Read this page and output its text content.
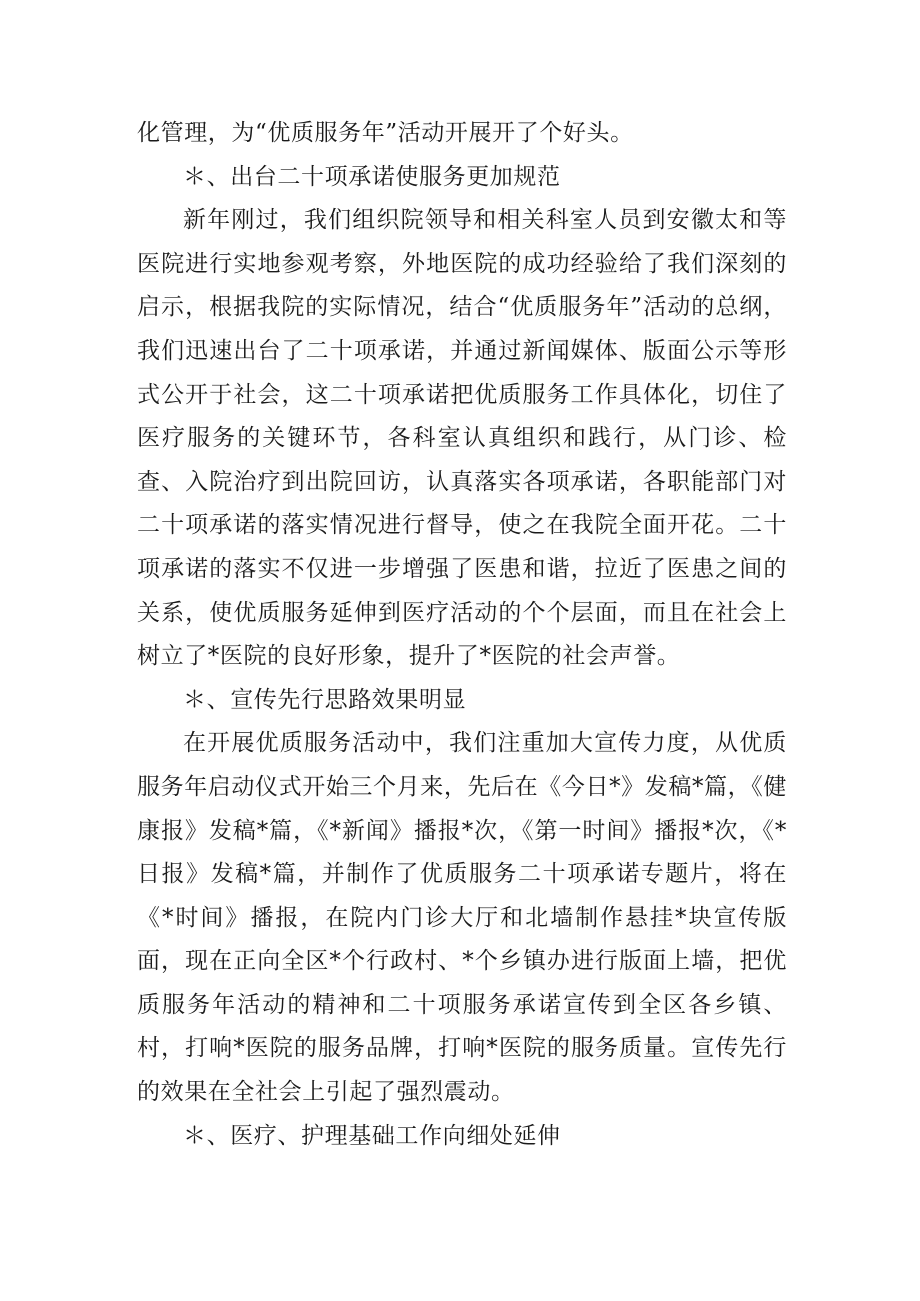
化管理，为“优质服务年”活动开展开了个好头。

＊、出台二十项承诺使服务更加规范

新年刚过，我们组织院领导和相关科室人员到安徽太和等医院进行实地参观考察，外地医院的成功经验给了我们深刻的启示，根据我院的实际情况，结合“优质服务年”活动的总纲，我们迅速出台了二十项承诺，并通过新闻媒体、版面公示等形式公开于社会，这二十项承诺把优质服务工作具体化，切住了医疗服务的关键环节，各科室认真组织和践行，从门诊、检查、入院治疗到出院回访，认真落实各项承诺，各职能部门对二十项承诺的落实情况进行督导，使之在我院全面开花。二十项承诺的落实不仅进一步增强了医患和谐，拉近了医患之间的关系，使优质服务延伸到医疗活动的个个层面，而且在社会上树立了*医院的良好形象，提升了*医院的社会声誉。

＊、宣传先行思路效果明显

在开展优质服务活动中，我们注重加大宣传力度，从优质服务年启动仪式开始三个月来，先后在《今日*》发稿*篇，《健康报》发稿*篇，《*新闻》播报*次，《第一时间》播报*次，《*日报》发稿*篇，并制作了优质服务二十项承诺专题片，将在《*时间》播报，在院内门诊大厅和北墙制作悬挂*块宣传版面，现在正向全区*个行政村、*个乡镇办进行版面上墙，把优质服务年活动的精神和二十项服务承诺宣传到全区各乡镇、村，打响*医院的服务品牌，打响*医院的服务质量。宣传先行的效果在全社会上引起了强烈震动。

＊、医疗、护理基础工作向细处延伸
